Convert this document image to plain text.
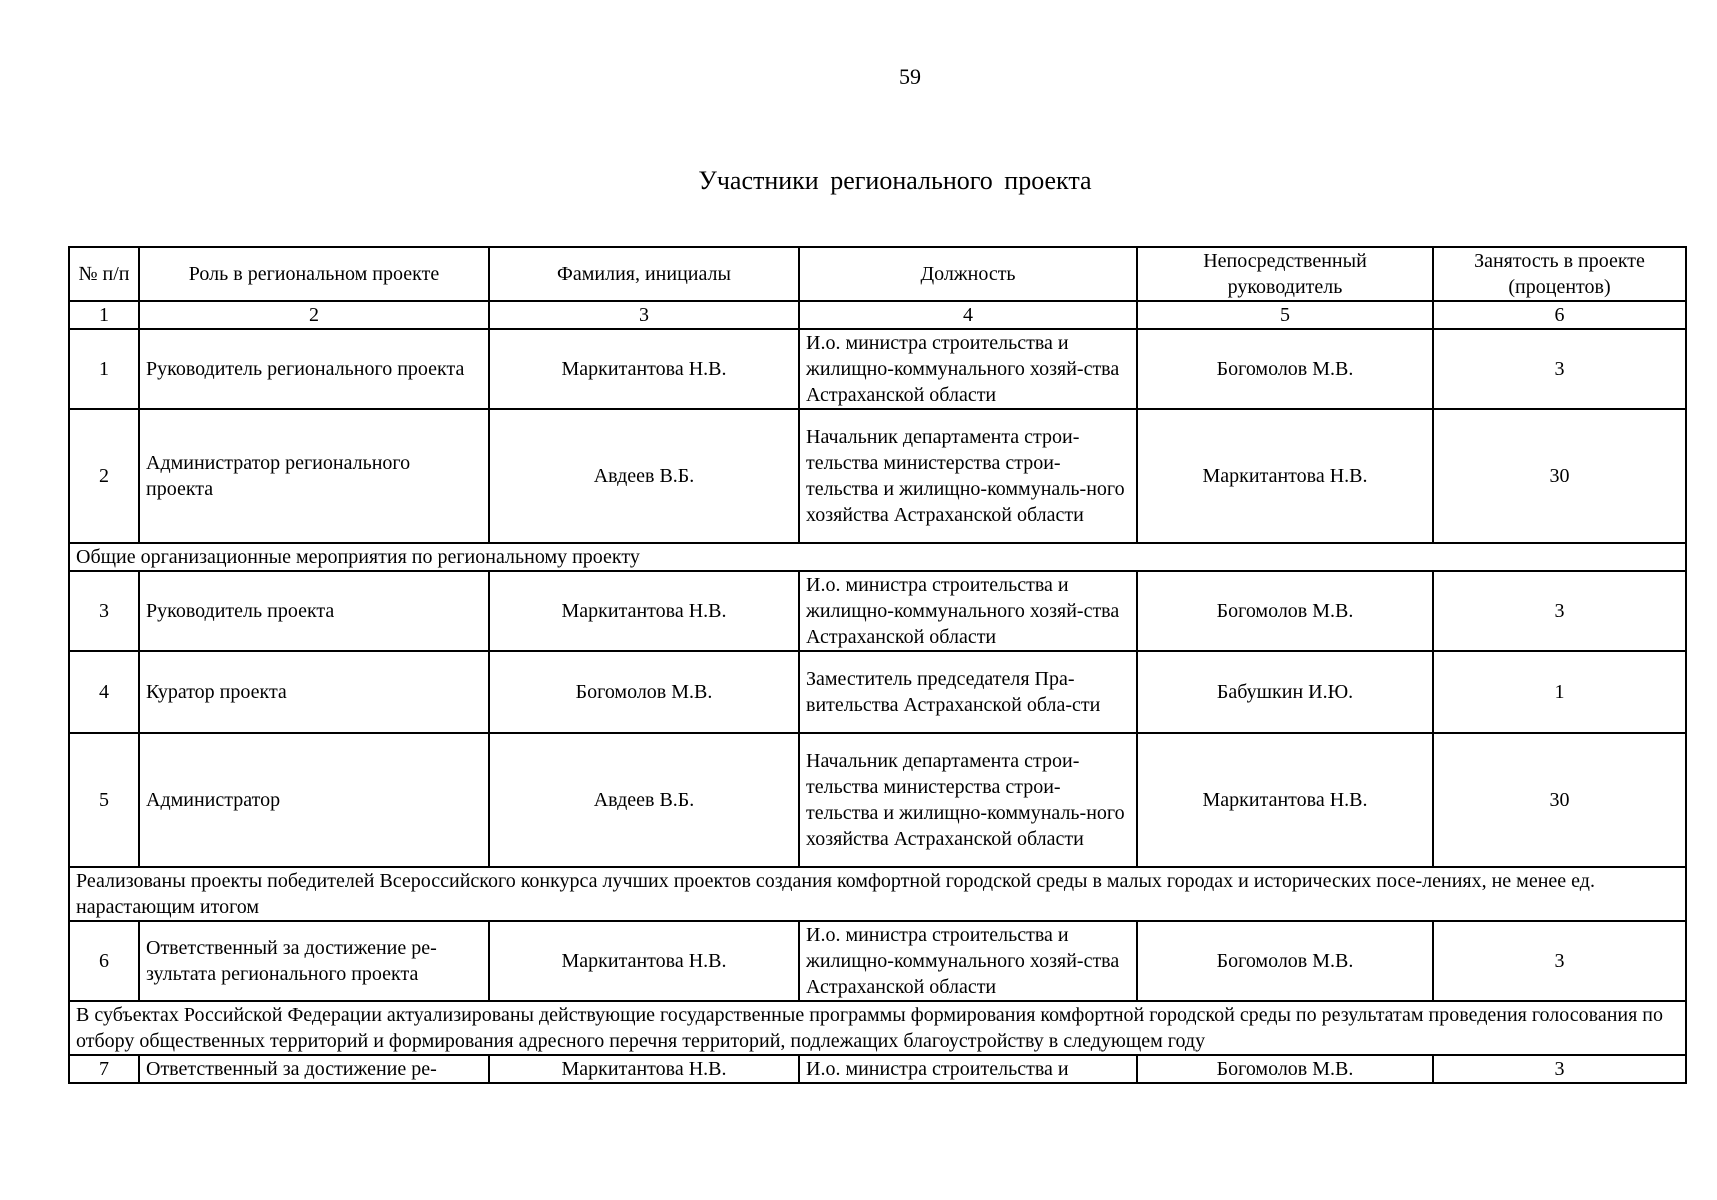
59
Участники регионального проекта
№ п/п	Роль в региональном проекте	Фамилия, инициалы	Должность	Непосредственный руководитель	Занятость в проекте (процентов)
1	2	3	4	5	6
1	Руководитель регионального проекта	Маркитантова Н.В.	И.о. министра строительства и жилищно-коммунального хозяй-ства Астраханской области	Богомолов М.В.	3
2	Администратор регионального проекта	Авдеев В.Б.	Начальник департамента строи-тельства министерства строи-тельства и жилищно-коммуналь-ного хозяйства Астраханской области	Маркитантова Н.В.	30
Общие организационные мероприятия по региональному проекту					
3	Руководитель проекта	Маркитантова Н.В.	И.о. министра строительства и жилищно-коммунального хозяй-ства Астраханской области	Богомолов М.В.	3
4	Куратор проекта	Богомолов М.В.	Заместитель председателя Пра-вительства Астраханской обла-сти	Бабушкин И.Ю.	1
5	Администратор	Авдеев В.Б.	Начальник департамента строи-тельства министерства строи-тельства и жилищно-коммуналь-ного хозяйства Астраханской области	Маркитантова Н.В.	30
Реализованы проекты победителей Всероссийского конкурса лучших проектов создания комфортной городской среды в малых городах и исторических посе-лениях, не менее ед. нарастающим итогом					
6	Ответственный за достижение ре-зультата регионального проекта	Маркитантова Н.В.	И.о. министра строительства и жилищно-коммунального хозяй-ства Астраханской области	Богомолов М.В.	3
В субъектах Российской Федерации актуализированы действующие государственные программы формирования комфортной городской среды по результатам проведения голосования по отбору общественных территорий и формирования адресного перечня территорий, подлежащих благоустройству в следующем году					
7	Ответственный за достижение ре-	Маркитантова Н.В.	И.о. министра строительства и	Богомолов М.В.	3
